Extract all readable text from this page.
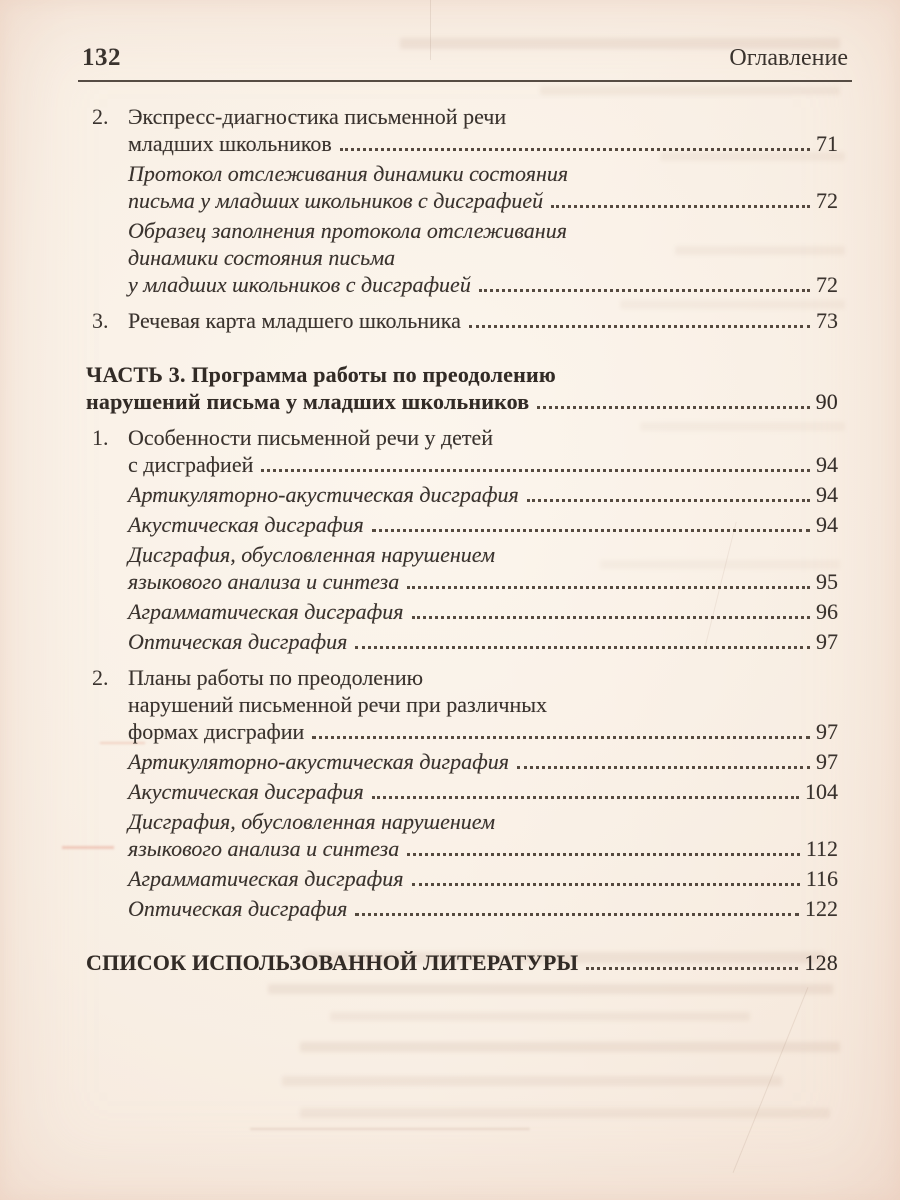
132	Оглавление
2. Экспресс-диагностика письменной речи
младших школьников	71
Протокол отслеживания динамики состояния
письма у младших школьников с дисграфией	72
Образец заполнения протокола отслеживания
динамики состояния письма
у младших школьников с дисграфией	72
3. Речевая карта младшего школьника	73
ЧАСТЬ 3. Программа работы по преодолению
нарушений письма у младших школьников	90
1. Особенности письменной речи у детей
с дисграфией	94
Артикуляторно-акустическая дисграфия	94
Акустическая дисграфия	94
Дисграфия, обусловленная нарушением
языкового анализа и синтеза	95
Аграмматическая дисграфия	96
Оптическая дисграфия	97
2. Планы работы по преодолению
нарушений письменной речи при различных
формах дисграфии	97
Артикуляторно-акустическая диграфия	97
Акустическая дисграфия	104
Дисграфия, обусловленная нарушением
языкового анализа и синтеза	112
Аграмматическая дисграфия	116
Оптическая дисграфия	122
СПИСОК ИСПОЛЬЗОВАННОЙ ЛИТЕРАТУРЫ	128
